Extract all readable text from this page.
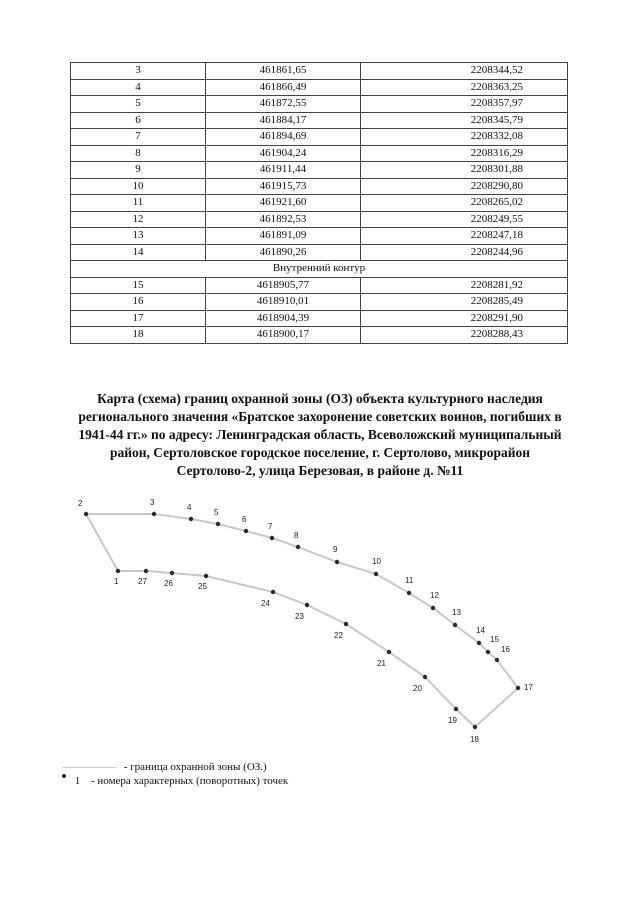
3	461861,65	2208344,52
4	461866,49	2208363,25
5	461872,55	2208357,97
6	461884,17	2208345,79
7	461894,69	2208332,08
8	461904,24	2208316,29
9	461911,44	2208301,88
10	461915,73	2208290,80
11	461921,60	2208265,02
12	461892,53	2208249,55
13	461891,09	2208247,18
14	461890,26	2208244,96
Внутренний контур		
15	4618905,77	2208281,92
16	4618910,01	2208285,49
17	4618904,39	2208291,90
18	4618900,17	2208288,43
Карта (схема) границ охранной зоны (ОЗ) объекта культурного наследия
регионального значения «Братское захоронение советских воинов, погибших в
1941-44 гг.» по адресу: Ленинградская область, Всеволожский муниципальный
район, Сертоловское городское поселение, г. Сертолово, микрорайон
Сертолово-2, улица Березовая, в районе д. №11
2	3
4
5
6
7
8
9
10
11
12
13
14
15
16
17
18
19
20
21
22
23
24
25
26
27
1
- граница охранной зоны (ОЗ.)
1 - номера характерных (поворотных) точек
